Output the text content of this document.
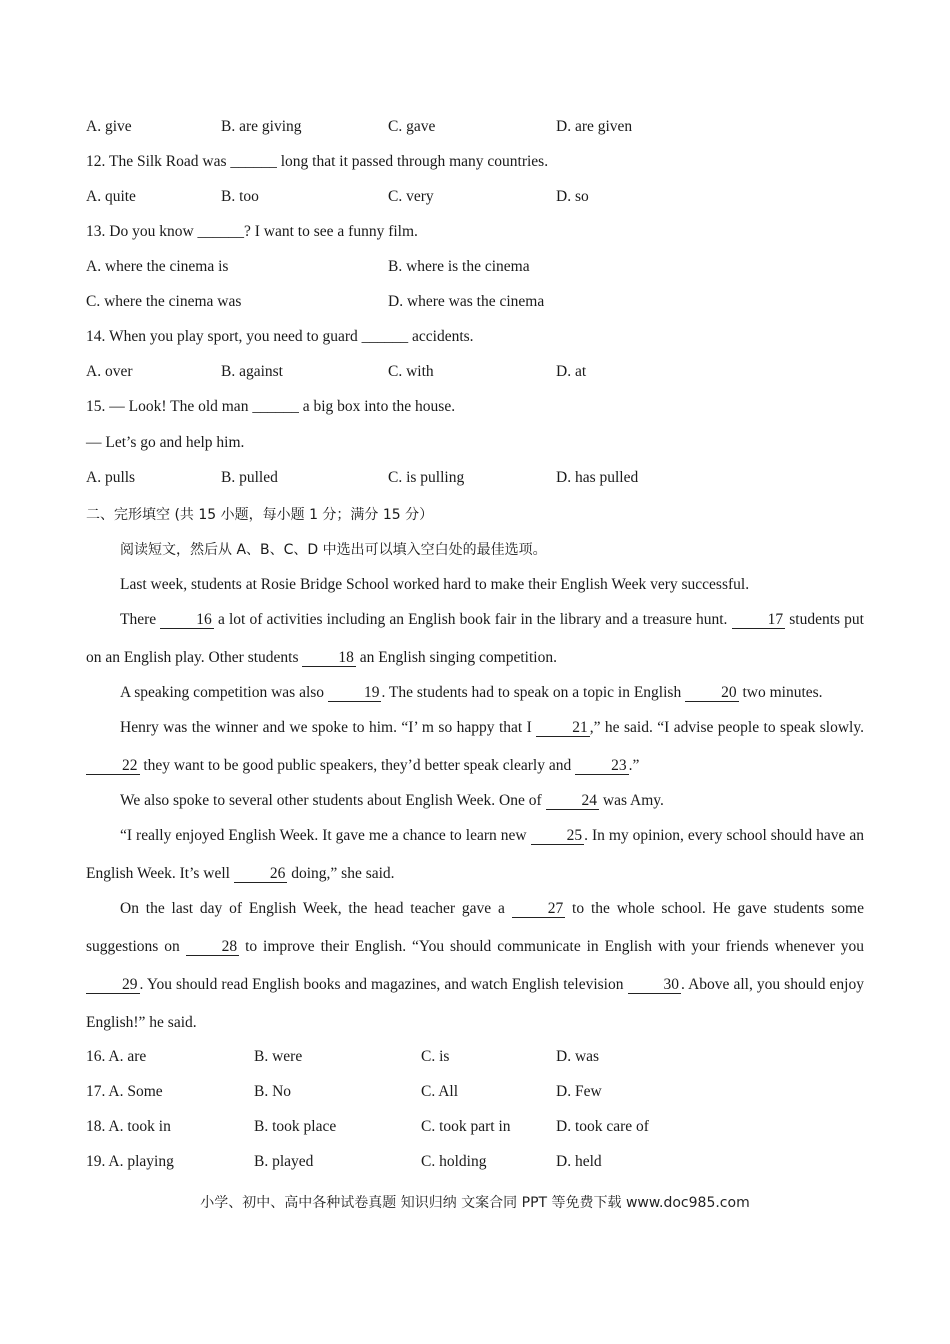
A. give	B. are giving	C. gave	D. are given
12. The Silk Road was ______ long that it passed through many countries.
A. quite	B. too	C. very	D. so
13. Do you know ______? I want to see a funny film.
A. where the cinema is	B. where is the cinema
C. where the cinema was	D. where was the cinema
14. When you play sport, you need to guard ______ accidents.
A. over	B. against	C. with	D. at
15. — Look! The old man ______ a big box into the house.
— Let’s go and help him.
A. pulls	B. pulled	C. is pulling	D. has pulled
二、完形填空 (共 15 小题，每小题 1 分；满分 15 分）
阅读短文，然后从 A、B、C、D 中选出可以填入空白处的最佳选项。
Last week, students at Rosie Bridge School worked hard to make their English Week very successful.
There 16 a lot of activities including an English book fair in the library and a treasure hunt. 17 students put on an English play. Other students 18 an English singing competition.
A speaking competition was also 19 . The students had to speak on a topic in English 20 two minutes.
Henry was the winner and we spoke to him. “I’ m so happy that I 21 ,” he said. “I advise people to speak slowly. 22 they want to be good public speakers, they’d better speak clearly and 23 .”
We also spoke to several other students about English Week. One of 24 was Amy.
“I really enjoyed English Week. It gave me a chance to learn new 25 . In my opinion, every school should have an English Week. It’s well 26 doing,” she said.
On the last day of English Week, the head teacher gave a 27 to the whole school. He gave students some suggestions on 28 to improve their English. “You should communicate in English with your friends whenever you 29 . You should read English books and magazines, and watch English television 30 . Above all, you should enjoy English!” he said.
16. A. are	B. were	C. is	D. was
17. A. Some	B. No	C. All	D. Few
18. A. took in	B. took place	C. took part in	D. took care of
19. A. playing	B. played	C. holding	D. held
小学、初中、高中各种试卷真题 知识归纳 文案合同 PPT 等免费下载 www.doc985.com
